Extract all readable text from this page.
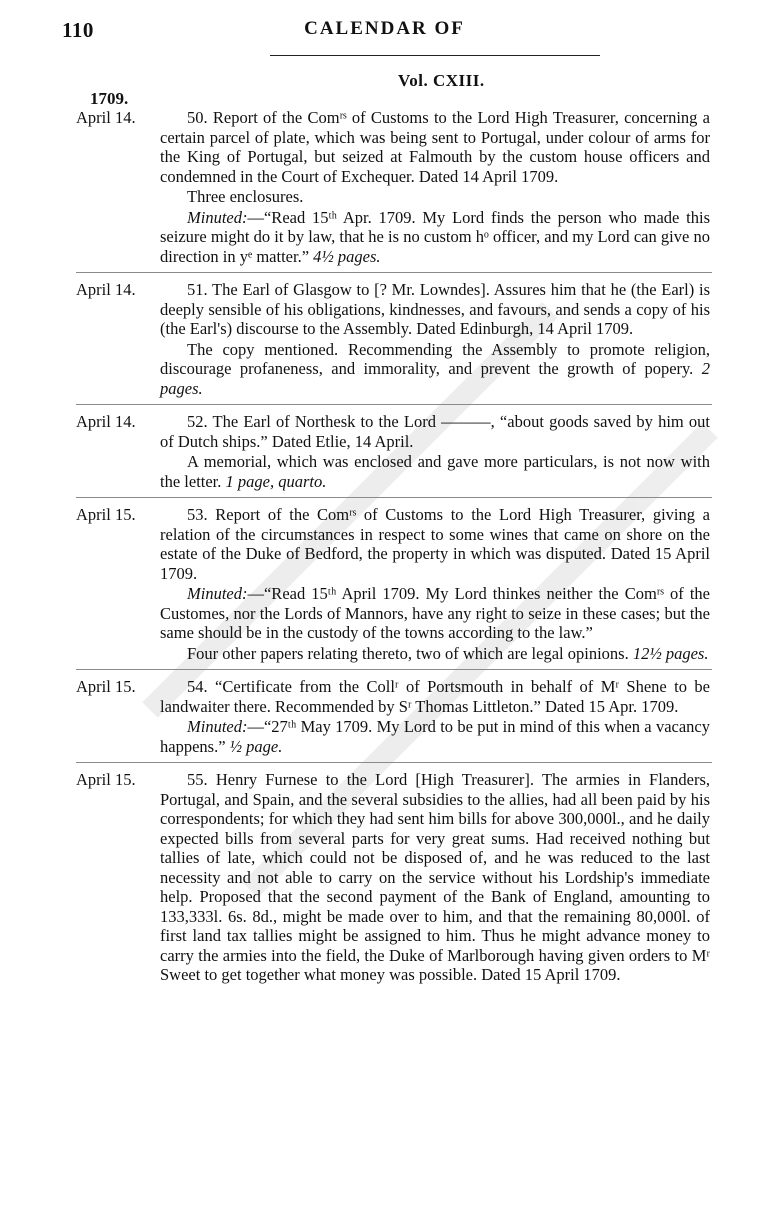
110	CALENDAR OF
Vol. CXIII.
1709.
April 14.	50. Report of the Comʳˢ of Customs to the Lord High Treasurer, concerning a certain parcel of plate, which was being sent to Portugal, under colour of arms for the King of Portugal, but seized at Falmouth by the custom house officers and condemned in the Court of Exchequer. Dated 14 April 1709.

Three enclosures.

Minuted:—“Read 15ᵗʰ Apr. 1709. My Lord finds the person who made this seizure might do it by law, that he is no custom hᵒ officer, and my Lord can give no direction in yᵉ matter.” 4½ pages.

April 14.	51. The Earl of Glasgow to [? Mr. Lowndes]. Assures him that he (the Earl) is deeply sensible of his obligations, kindnesses, and favours, and sends a copy of his (the Earl's) discourse to the Assembly. Dated Edinburgh, 14 April 1709.

The copy mentioned. Recommending the Assembly to promote religion, discourage profaneness, and immorality, and prevent the growth of popery. 2 pages.

April 14.	52. The Earl of Northesk to the Lord ———, “about goods saved by him out of Dutch ships.” Dated Etlie, 14 April.

A memorial, which was enclosed and gave more particulars, is not now with the letter. 1 page, quarto.

April 15.	53. Report of the Comʳˢ of Customs to the Lord High Treasurer, giving a relation of the circumstances in respect to some wines that came on shore on the estate of the Duke of Bedford, the property in which was disputed. Dated 15 April 1709.

Minuted:—“Read 15ᵗʰ April 1709. My Lord thinkes neither the Comʳˢ of the Customes, nor the Lords of Mannors, have any right to seize in these cases; but the same should be in the custody of the towns according to the law.”

Four other papers relating thereto, two of which are legal opinions. 12½ pages.

April 15.	54. “Certificate from the Collʳ of Portsmouth in behalf of Mʳ Shene to be landwaiter there. Recommended by Sʳ Thomas Littleton.” Dated 15 Apr. 1709.

Minuted:—“27ᵗʰ May 1709. My Lord to be put in mind of this when a vacancy happens.” ½ page.

April 15.	55. Henry Furnese to the Lord [High Treasurer]. The armies in Flanders, Portugal, and Spain, and the several subsidies to the allies, had all been paid by his correspondents; for which they had sent him bills for above 300,000l., and he daily expected bills from several parts for very great sums. Had received nothing but tallies of late, which could not be disposed of, and he was reduced to the last necessity and not able to carry on the service without his Lordship's immediate help. Proposed that the second payment of the Bank of England, amounting to 133,333l. 6s. 8d., might be made over to him, and that the remaining 80,000l. of first land tax tallies might be assigned to him. Thus he might advance money to carry the armies into the field, the Duke of Marlborough having given orders to Mʳ Sweet to get together what money was possible. Dated 15 April 1709.
